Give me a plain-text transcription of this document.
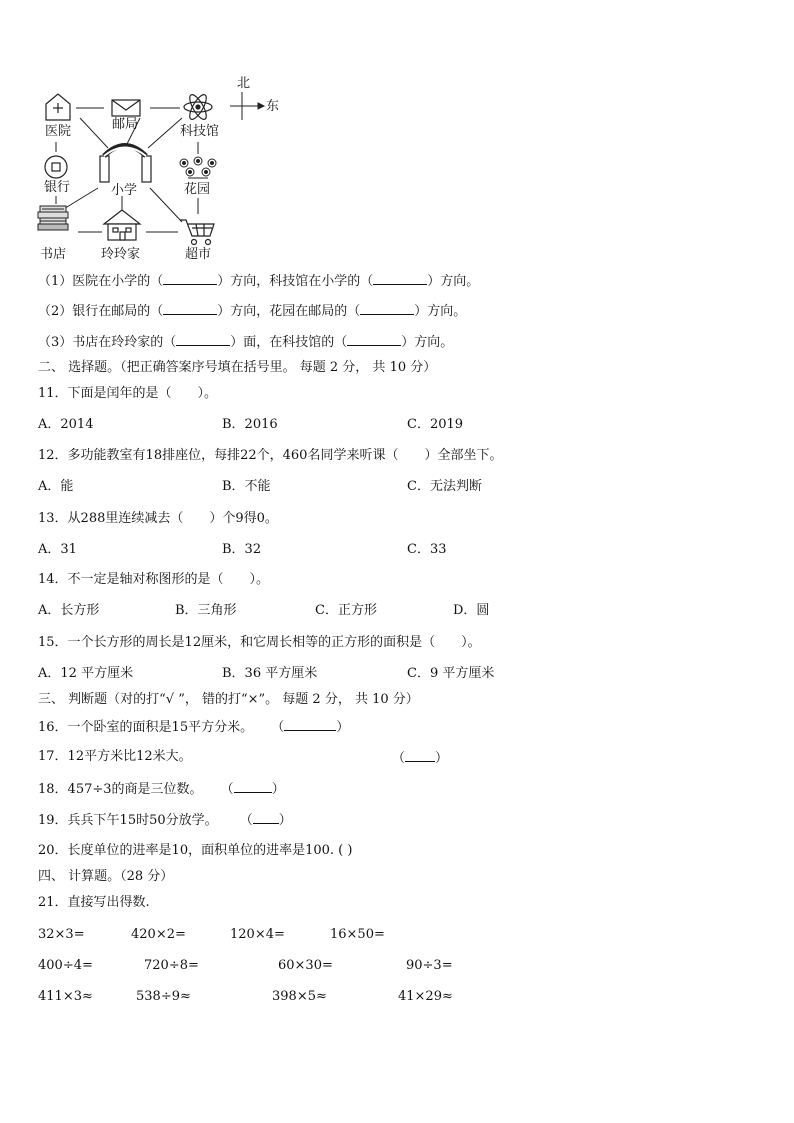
北
东
医院	邮局	科技馆
银行	小学	花园
书店	玲玲家	超市
（1）医院在小学的（	）方向，科技馆在小学的（	）方向。
（2）银行在邮局的（	）方向，花园在邮局的（	）方向。
（3）书店在玲玲家的（	）面，在科技馆的（	）方向。
二、 选择题。（把正确答案序号填在括号里。 每题 2 分， 共 10 分）
11．下面是闰年的是（　　）。
A．2014	B．2016	C．2019
12．多功能教室有18排座位，每排22个，460名同学来听课（　　）全部坐下。
A．能	B．不能	C．无法判断
13．从288里连续减去（　　）个9得0。
A．31	B．32	C．33
14．不一定是轴对称图形的是（　　）。
A．长方形	B．三角形	C．正方形	D．圆
15．一个长方形的周长是12厘米，和它周长相等的正方形的面积是（　　）。
A．12 平方厘米	B．36 平方厘米	C．9 平方厘米
三、 判断题（对的打“√ ”， 错的打“×”。 每题 2 分， 共 10 分）
16．一个卧室的面积是15平方分米。 （	）
17．12平方米比12米大。	（ ）
18．457÷3的商是三位数。 （	）
19．兵兵下午15时50分放学。 （ ）
20．长度单位的进率是10，面积单位的进率是100. ( )
四、 计算题。（28 分）
21．直接写出得数.
32×3=	420×2=	120×4=	16×50=
400÷4=	720÷8=	60×30=	90÷3=
411×3≈	538÷9≈	398×5≈	41×29≈
